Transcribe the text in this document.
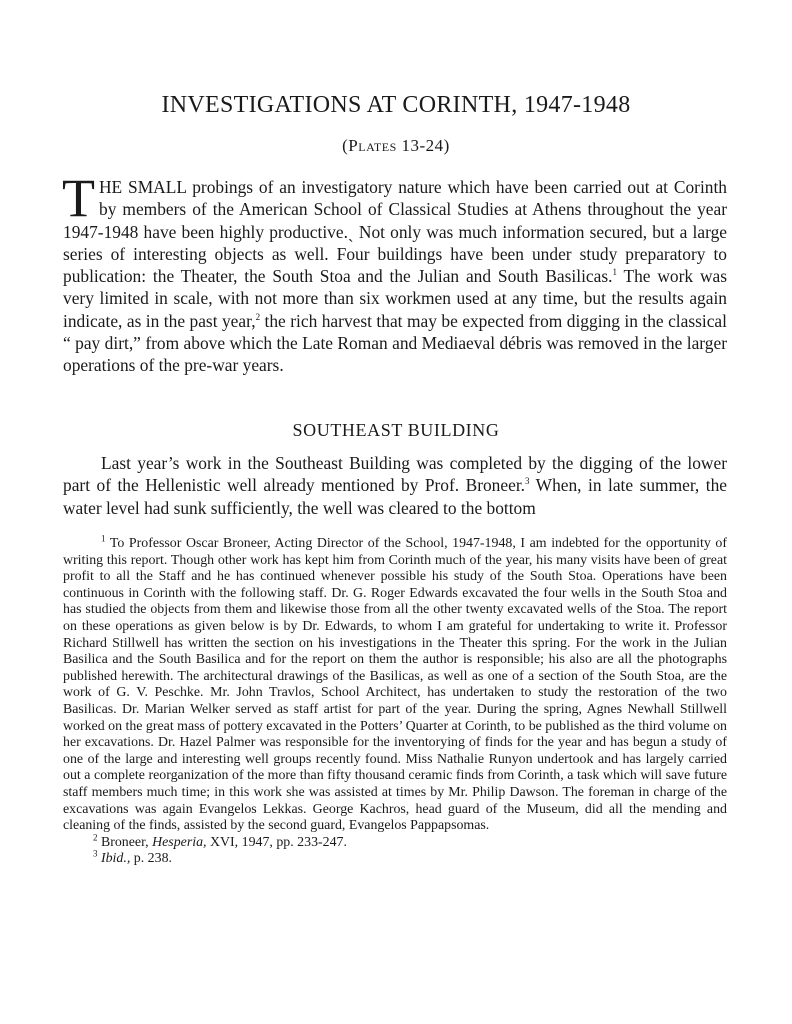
INVESTIGATIONS AT CORINTH, 1947-1948
(Plates 13-24)
THE SMALL probings of an investigatory nature which have been carried out at Corinth by members of the American School of Classical Studies at Athens throughout the year 1947-1948 have been highly productive.ˎ Not only was much information secured, but a large series of interesting objects as well. Four buildings have been under study preparatory to publication: the Theater, the South Stoa and the Julian and South Basilicas.$^1$ The work was very limited in scale, with not more than six workmen used at any time, but the results again indicate, as in the past year,$^2$ the rich harvest that may be expected from digging in the classical “ pay dirt,” from above which the Late Roman and Mediaeval débris was removed in the larger operations of the pre-war years.
SOUTHEAST BUILDING
Last year’s work in the Southeast Building was completed by the digging of the lower part of the Hellenistic well already mentioned by Prof. Broneer.$^3$ When, in late summer, the water level had sunk sufficiently, the well was cleared to the bottom

$^1$ To Professor Oscar Broneer, Acting Director of the School, 1947-1948, I am indebted for the opportunity of writing this report. Though other work has kept him from Corinth much of the year, his many visits have been of great profit to all the Staff and he has continued whenever possible his study of the South Stoa. Operations have been continuous in Corinth with the following staff. Dr. G. Roger Edwards excavated the four wells in the South Stoa and has studied the objects from them and likewise those from all the other twenty excavated wells of the Stoa. The report on these operations as given below is by Dr. Edwards, to whom I am grateful for undertaking to write it. Professor Richard Stillwell has written the section on his investigations in the Theater this spring. For the work in the Julian Basilica and the South Basilica and for the report on them the author is responsible; his also are all the photographs published herewith. The architectural drawings of the Basilicas, as well as one of a section of the South Stoa, are the work of G. V. Peschke. Mr. John Travlos, School Architect, has undertaken to study the restoration of the two Basilicas. Dr. Marian Welker served as staff artist for part of the year. During the spring, Agnes Newhall Stillwell worked on the great mass of pottery excavated in the Potters’ Quarter at Corinth, to be published as the third volume on her excavations. Dr. Hazel Palmer was responsible for the inventorying of finds for the year and has begun a study of one of the large and interesting well groups recently found. Miss Nathalie Runyon undertook and has largely carried out a complete reorganization of the more than fifty thousand ceramic finds from Corinth, a task which will save future staff members much time; in this work she was assisted at times by Mr. Philip Dawson. The foreman in charge of the excavations was again Evangelos Lekkas. George Kachros, head guard of the Museum, did all the mending and cleaning of the finds, assisted by the second guard, Evangelos Pappapsomas.

$^2$ Broneer, Hesperia, XVI, 1947, pp. 233-247.

$^3$ Ibid., p. 238.
